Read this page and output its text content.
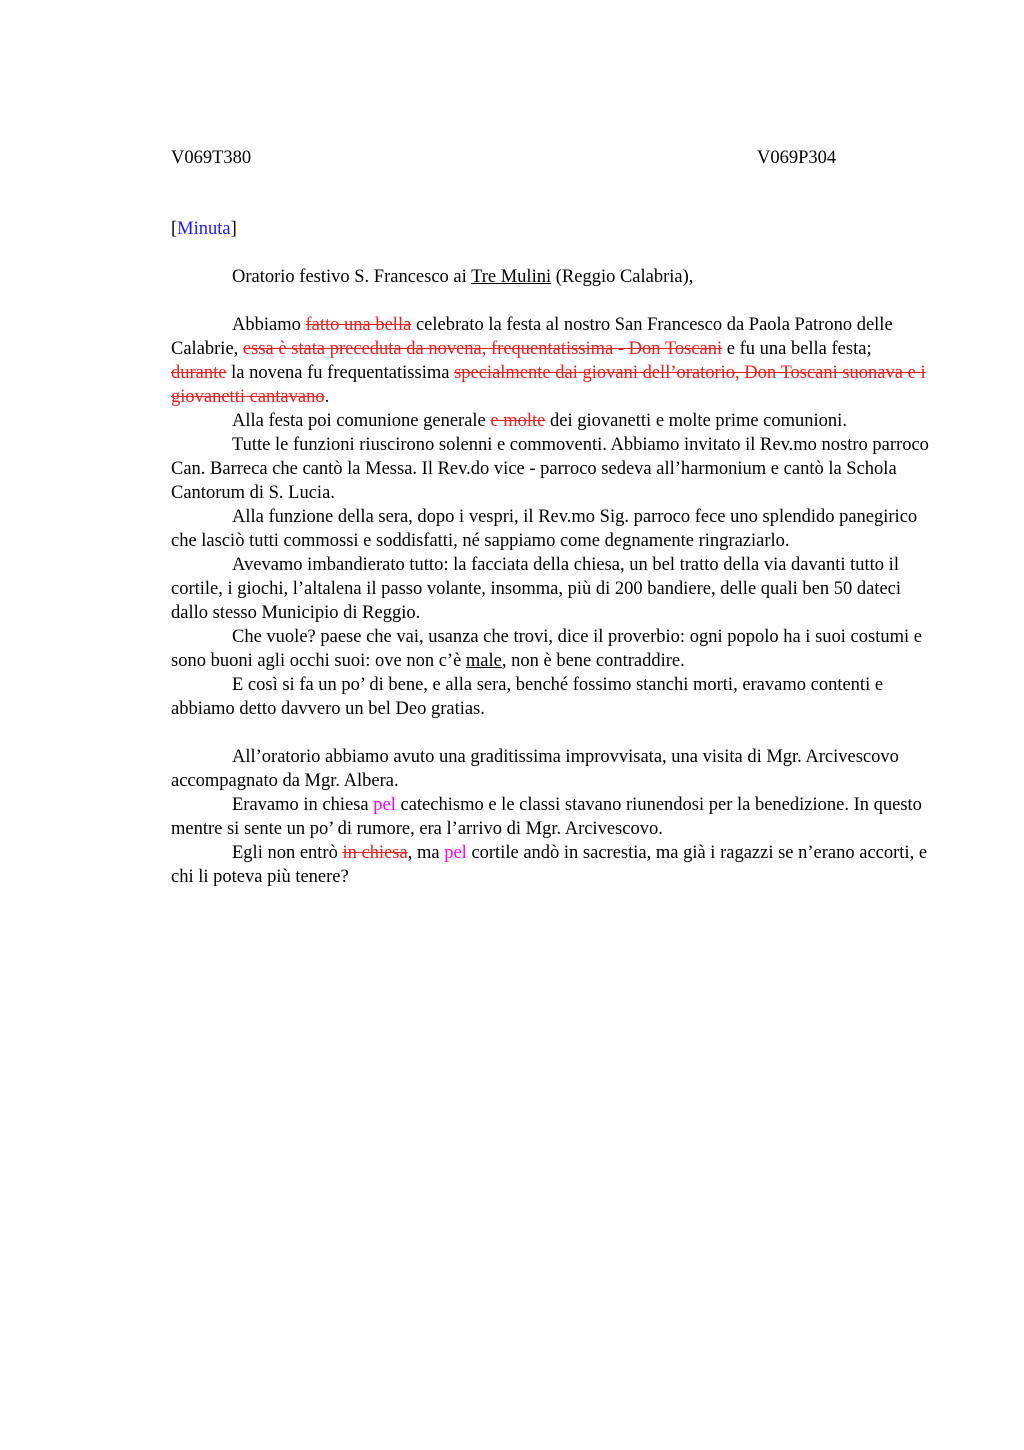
V069T380	V069P304

[Minuta]

Oratorio festivo S. Francesco ai Tre Mulini (Reggio Calabria),

Abbiamo fatto una bella celebrato la festa al nostro San Francesco da Paola Patrono delle Calabrie, essa è stata preceduta da novena, frequentatissima - Don Toscani e fu una bella festa; durante la novena fu frequentatissima specialmente dai giovani dell’oratorio, Don Toscani suonava e i giovanetti cantavano.

Alla festa poi comunione generale e molte dei giovanetti e molte prime comunioni.

Tutte le funzioni riuscirono solenni e commoventi. Abbiamo invitato il Rev.mo nostro parroco Can. Barreca che cantò la Messa. Il Rev.do vice - parroco sedeva all’harmonium e cantò la Schola Cantorum di S. Lucia.

Alla funzione della sera, dopo i vespri, il Rev.mo Sig. parroco fece uno splendido panegirico che lasciò tutti commossi e soddisfatti, né sappiamo come degnamente ringraziarlo.

Avevamo imbandierato tutto: la facciata della chiesa, un bel tratto della via davanti tutto il cortile, i giochi, l’altalena il passo volante, insomma, più di 200 bandiere, delle quali ben 50 dateci dallo stesso Municipio di Reggio.

Che vuole? paese che vai, usanza che trovi, dice il proverbio: ogni popolo ha i suoi costumi e sono buoni agli occhi suoi: ove non c’è male, non è bene contraddire.

E così si fa un po’ di bene, e alla sera, benché fossimo stanchi morti, eravamo contenti e abbiamo detto davvero un bel Deo gratias.

All’oratorio abbiamo avuto una graditissima improvvisata, una visita di Mgr. Arcivescovo accompagnato da Mgr. Albera.

Eravamo in chiesa pel catechismo e le classi stavano riunendosi per la benedizione. In questo mentre si sente un po’ di rumore, era l’arrivo di Mgr. Arcivescovo.

Egli non entrò in chiesa, ma pel cortile andò in sacrestia, ma già i ragazzi se n’erano accorti, e chi li poteva più tenere?
